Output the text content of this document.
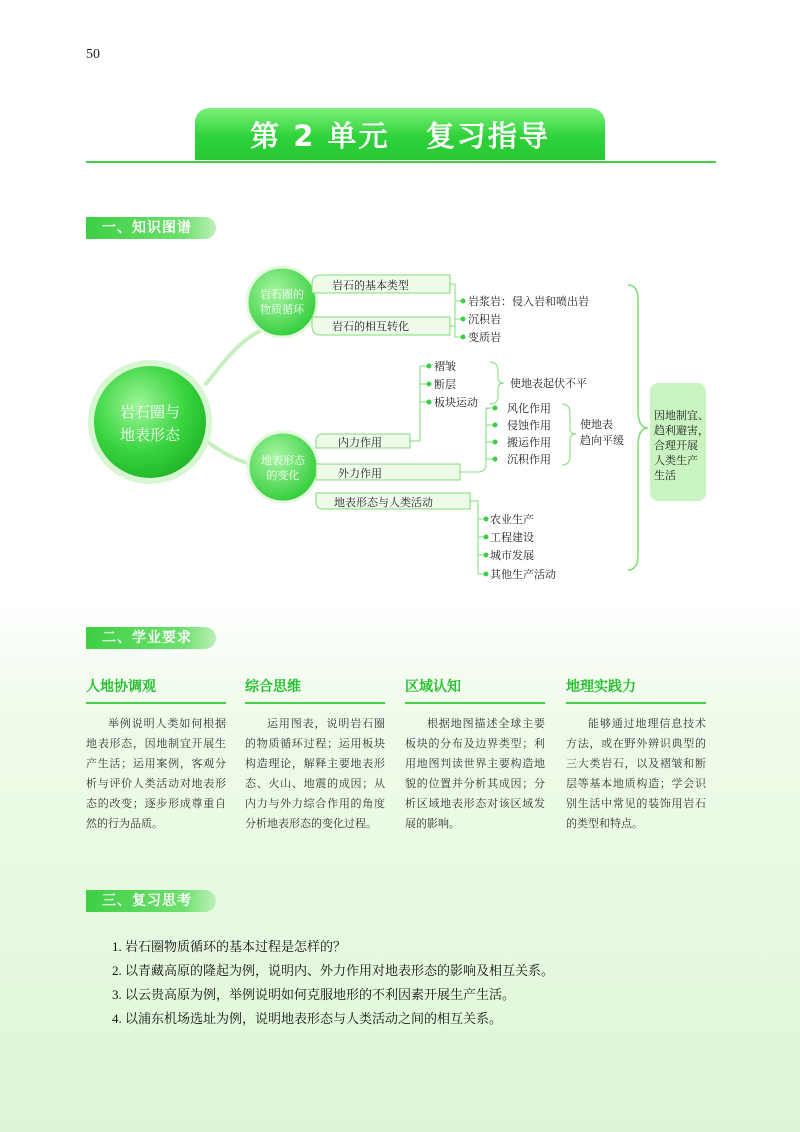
50
第 2 单元   复习指导
一、知识图谱
二、学业要求
三、复习思考
岩石圈与
地表形态
岩石圈的
物质循环
地表形态
的变化
岩石的基本类型
岩石的相互转化
岩浆岩：侵入岩和喷出岩
沉积岩
变质岩
内力作用
外力作用
地表形态与人类活动
褶皱
断层
板块运动
使地表起伏不平
风化作用
侵蚀作用
搬运作用
沉积作用
使地表
趋向平缓
农业生产
工程建设
城市发展
其他生产活动
因地制宜、
趋利避害，
合理开展
人类生产
生活
人地协调观
举例说明人类如何根据地表形态，因地制宜开展生产生活；运用案例，客观分析与评价人类活动对地表形态的改变；逐步形成尊重自然的行为品质。
综合思维
运用图表，说明岩石圈的物质循环过程；运用板块构造理论，解释主要地表形态、火山、地震的成因；从内力与外力综合作用的角度分析地表形态的变化过程。
区域认知
根据地图描述全球主要板块的分布及边界类型；利用地图判读世界主要构造地貌的位置并分析其成因；分析区域地表形态对该区域发展的影响。
地理实践力
能够通过地理信息技术方法，或在野外辨识典型的三大类岩石，以及褶皱和断层等基本地质构造；学会识别生活中常见的装饰用岩石的类型和特点。
1. 岩石圈物质循环的基本过程是怎样的？
2. 以青藏高原的隆起为例，说明内、外力作用对地表形态的影响及相互关系。
3. 以云贵高原为例，举例说明如何克服地形的不利因素开展生产生活。
4. 以浦东机场选址为例，说明地表形态与人类活动之间的相互关系。
